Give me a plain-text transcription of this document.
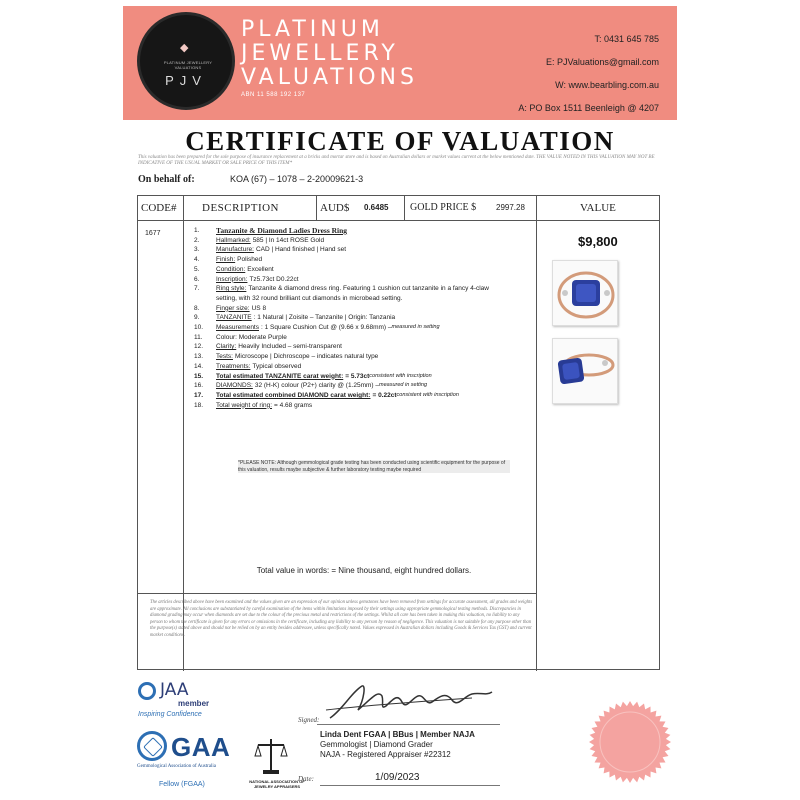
◆
PLATINUM JEWELLERY VALUATIONS
PJV
PLATINUM
JEWELLERY
VALUATIONS
ABN 11 588 192 137
T: 0431 645 785
E: PJValuations@gmail.com
W: www.bearbling.com.au
A: PO Box 1511 Beenleigh @ 4207
CERTIFICATE OF VALUATION
This valuation has been prepared for the sole purpose of insurance replacement at a bricks and mortar store and is based on Australian dollars or market values current at the below mentioned date. THE VALUE NOTED IN THIS VALUATION MAY NOT BE INDICATIVE OF THE USUAL MARKET OR SALE PRICE OF THIS ITEM*
On behalf of:	KOA (67) – 1078 – 2-20009621-3
CODE# DESCRIPTION	AUD$ 0.6485 GOLD PRICE $ 2997.28	VALUE
1677	1.	Tanzanite & Diamond Ladies Dress Ring
2.	Hallmarked: 585 | In 14ct ROSE Gold
3.	Manufacture: CAD | Hand finished | Hand set
4.	Finish: Polished
5.	Condition: Excellent
6.	Inscription: Tz5.73ct D0.22ct
7.	Ring style: Tanzanite & diamond dress ring. Featuring 1 cushion cut tanzanite in a fancy 4-claw
setting, with 32 round brilliant cut diamonds in microbead setting.
8.	Finger size: US 8
9.	TANZANITE : 1 Natural | Zoisite – Tanzanite | Origin: Tanzania
10.	Measurements : 1 Square Cushion Cut @ (9.66 x 9.68mm) – measured in setting
11.	Colour: Moderate Purple
12.	Clarity: Heavily Included – semi-transparent
13.	Tests: Microscope | Dichroscope – indicates natural type
14.	Treatments: Typical observed
15.	Total estimated TANZANITE carat weight: = 5.73ct consistent with inscription
16.	DIAMONDS: 32 (H-K) colour (P2+) clarity @ (1.25mm) – measured in setting
17.	Total estimated combined DIAMOND carat weight: = 0.22ct consistent with inscription
18.	Total weight of ring: = 4.68 grams
$9,800
*PLEASE NOTE: Although gemmological grade testing has been conducted using scientific equipment for the purpose of this valuation, results maybe subjective & further laboratory testing maybe required
Total value in words: = Nine thousand, eight hundred dollars.
The articles described above have been examined and the values given are an expression of our opinion unless gemstones have been removed from settings for accurate assessment, all grades and weights are approximate. All conclusions are substantiated by careful examination of the items within limitations imposed by their settings using appropriate gemmological testing methods. Discrepancies in diamond grading may occur when diamonds are set due to the colour of the precious metal and restrictions of the settings. Whilst all care has been taken in making this valuation, no liability to any person to whom the certificate is given for any errors or omissions in the certificate, including any liability to any person by reason of negligence. This valuation is not suitable for any purpose other than the purpose(s) stated above and should not be relied on by an entity besides addressee, unless specifically noted. Values expressed in Australian dollars including Goods & Services Tax (GST) and current market conditions.
JAA
member
Inspiring Confidence
GAA
Gemmological Association of Australia
Fellow (FGAA)	NATIONAL ASSOCIATION OF JEWELRY APPRAISERS
Signed:
Linda Dent FGAA | BBus | Member NAJA
Gemmologist | Diamond Grader
NAJA - Registered Appraiser #22312
Date:	1/09/2023
